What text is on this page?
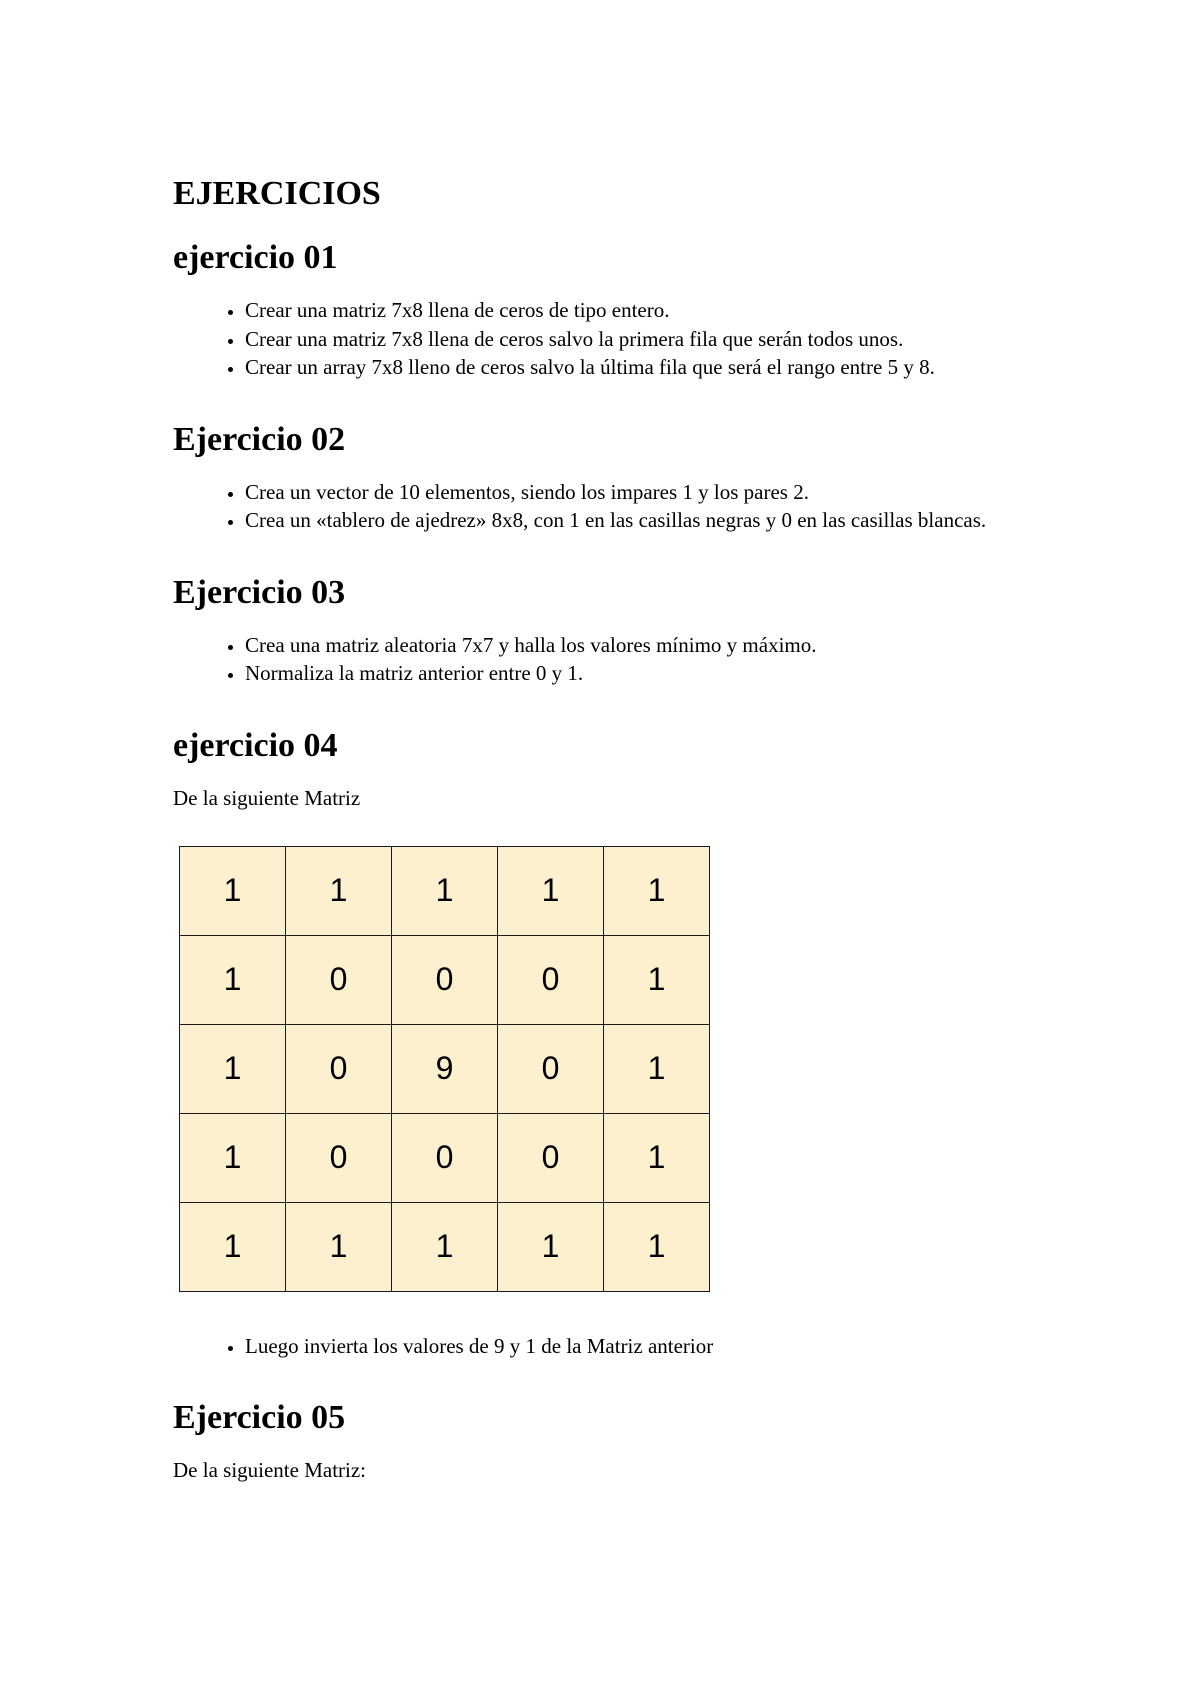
EJERCICIOS
ejercicio 01
• Crear una matriz 7x8 llena de ceros de tipo entero.
• Crear una matriz 7x8 llena de ceros salvo la primera fila que serán todos unos.
• Crear un array 7x8 lleno de ceros salvo la última fila que será el rango entre 5 y 8.
Ejercicio 02
• Crea un vector de 10 elementos, siendo los impares 1 y los pares 2.
• Crea un «tablero de ajedrez» 8x8, con 1 en las casillas negras y 0 en las casillas blancas.
Ejercicio 03
• Crea una matriz aleatoria 7x7 y halla los valores mínimo y máximo.
• Normaliza la matriz anterior entre 0 y 1.
ejercicio 04

De la siguiente Matriz

1	1	1	1	1
1	0	0	0	1
1	0	9	0	1
1	0	0	0	1
1	1	1	1	1
• Luego invierta los valores de 9 y 1 de la Matriz anterior
Ejercicio 05

De la siguiente Matriz:
